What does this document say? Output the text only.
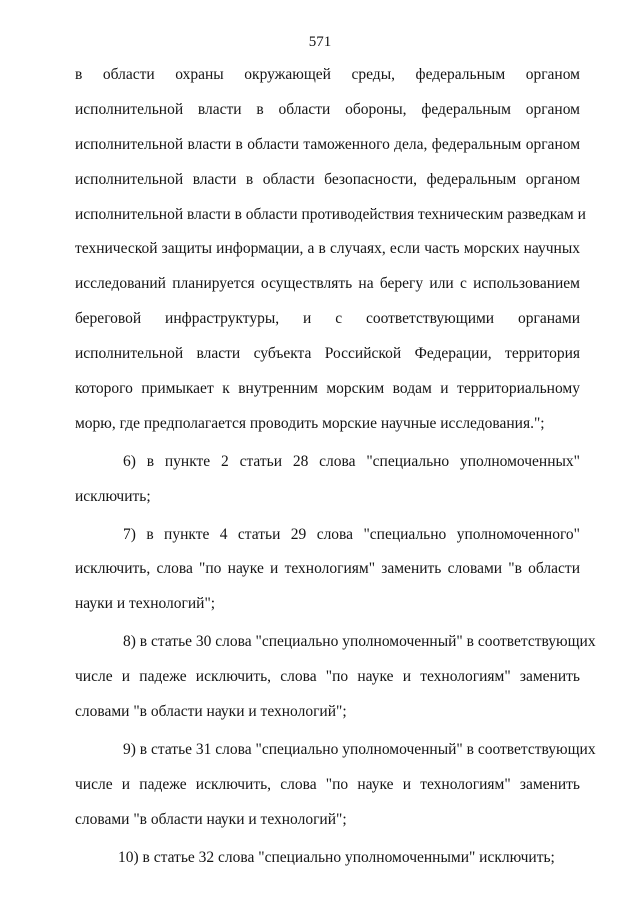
571
в области охраны окружающей среды, федеральным органом
исполнительной власти в области обороны, федеральным органом
исполнительной власти в области таможенного дела, федеральным органом
исполнительной власти в области безопасности, федеральным органом
исполнительной власти в области противодействия техническим разведкам и
технической защиты информации, а в случаях, если часть морских научных
исследований планируется осуществлять на берегу или с использованием
береговой инфраструктуры, и с соответствующими органами
исполнительной власти субъекта Российской Федерации, территория
которого примыкает к внутренним морским водам и территориальному
морю, где предполагается проводить морские научные исследования.";
6) в пункте 2 статьи 28 слова "специально уполномоченных"
исключить;
7) в пункте 4 статьи 29 слова "специально уполномоченного"
исключить, слова "по науке и технологиям" заменить словами "в области
науки и технологий";
8) в статье 30 слова "специально уполномоченный" в соответствующих
числе и падеже исключить, слова "по науке и технологиям" заменить
словами "в области науки и технологий";
9) в статье 31 слова "специально уполномоченный" в соответствующих
числе и падеже исключить, слова "по науке и технологиям" заменить
словами "в области науки и технологий";
10) в статье 32 слова "специально уполномоченными" исключить;
